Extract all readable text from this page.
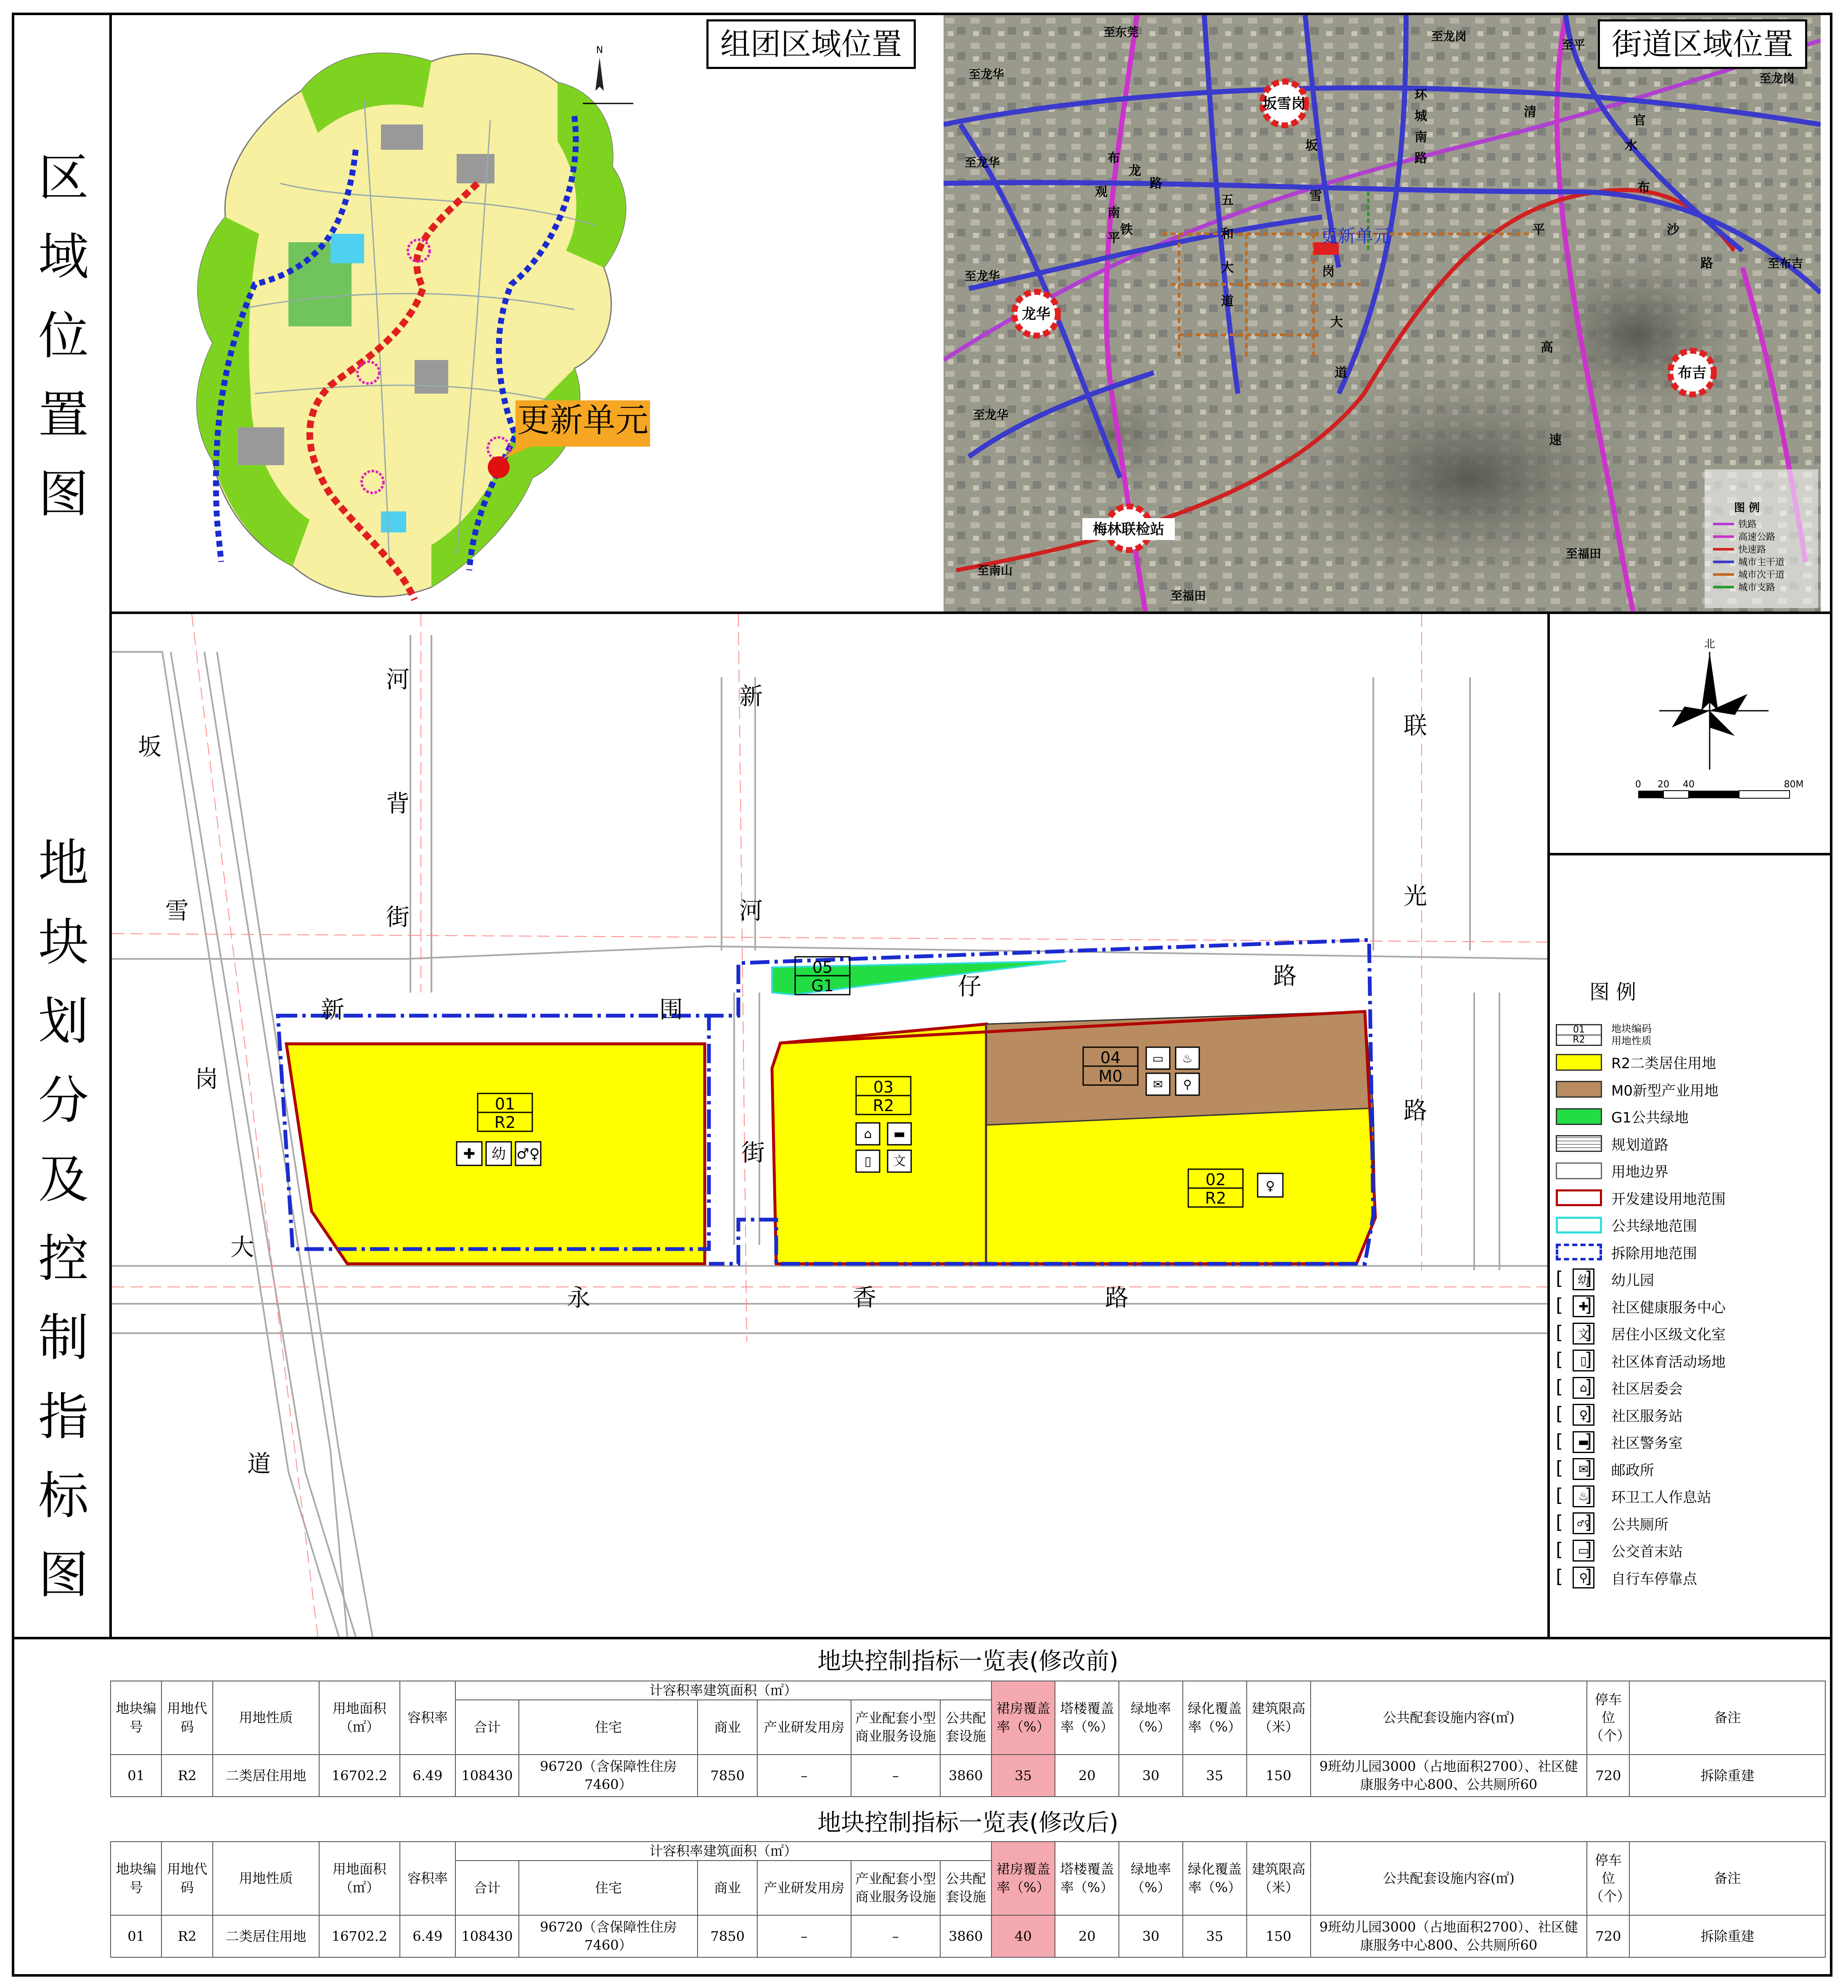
区
域
位
置
图
地
块
划
分
及
控
制
指
标
图
更新单元
N	组团区域位置
更新单元
坂雪岗
龙华
布吉
梅林联检站
至东莞	至龙岗
至平
至龙华
至龙华
至龙华
至龙华
至南山
至福田
至福田
至布吉
至龙岗
布
龙
路
五
和
大
道
坂
雪
岗
大
道
环
城
南
路
观
南
铁
平
清
平
高
速
水
官
布
沙
路
图 例
铁路
高速公路
快速路
城市主干道
城市次干道
城市支路
街道区域位置
01
R2
03
R2
04
M0
02
R2
05
G1
✚ 幼 ♂♀
⌂ ▬
▯ 文
▭ ♨
✉ ⚲
♀
坂
雪
岗
大
道
河
背
街
新	围
仔	路
新
河
街
联
光
路
永	香	路
北
0 20 40	80M
图 例
01
R2
地块编码
用地性质
R2二类居住用地
M0新型产业用地
G1公共绿地
规划道路
用地边界
开发建设用地范围
公共绿地范围
拆除用地范围
[ 幼
]	幼儿园
[ ✚
]	社区健康服务中心
[ 文
]	居住小区级文化室
[ ▯
]	社区体育活动场地
[ ⌂
]	社区居委会
[ ♀
]	社区服务站
[ ▬
]	社区警务室
[ ✉
]	邮政所
[ ♨
]	环卫工人作息站
[ ♂♀
] 公共厕所
[ ▭
]	公交首末站
[ ⚲
]	自行车停靠点
地块控制指标一览表(修改前)
地块编号	用地代码	用地性质	用地面积（㎡）	容积率	计容积率建筑面积（㎡）						裙房覆盖率（%）	塔楼覆盖率（%）	绿地率（%）	绿化覆盖率（%）	建筑限高（米）	公共配套设施内容(㎡)	停车位（个）	备注
					合计	住宅	商业	产业研发用房	产业配套小型商业服务设施	公共配套设施								
01	R2	二类居住用地	16702.2	6.49	108430	96720（含保障性住房7460）	7850	–	–	3860	35	20	30	35	150	9班幼儿园3000（占地面积2700）、社区健康服务中心800、公共厕所60	720	拆除重建
地块控制指标一览表(修改后)
地块编号	用地代码	用地性质	用地面积（㎡）	容积率	计容积率建筑面积（㎡）						裙房覆盖率（%）	塔楼覆盖率（%）	绿地率（%）	绿化覆盖率（%）	建筑限高（米）	公共配套设施内容(㎡)	停车位（个）	备注
					合计	住宅	商业	产业研发用房	产业配套小型商业服务设施	公共配套设施								
01	R2	二类居住用地	16702.2	6.49	108430	96720（含保障性住房7460）	7850	–	–	3860	40	20	30	35	150	9班幼儿园3000（占地面积2700）、社区健康服务中心800、公共厕所60	720	拆除重建
